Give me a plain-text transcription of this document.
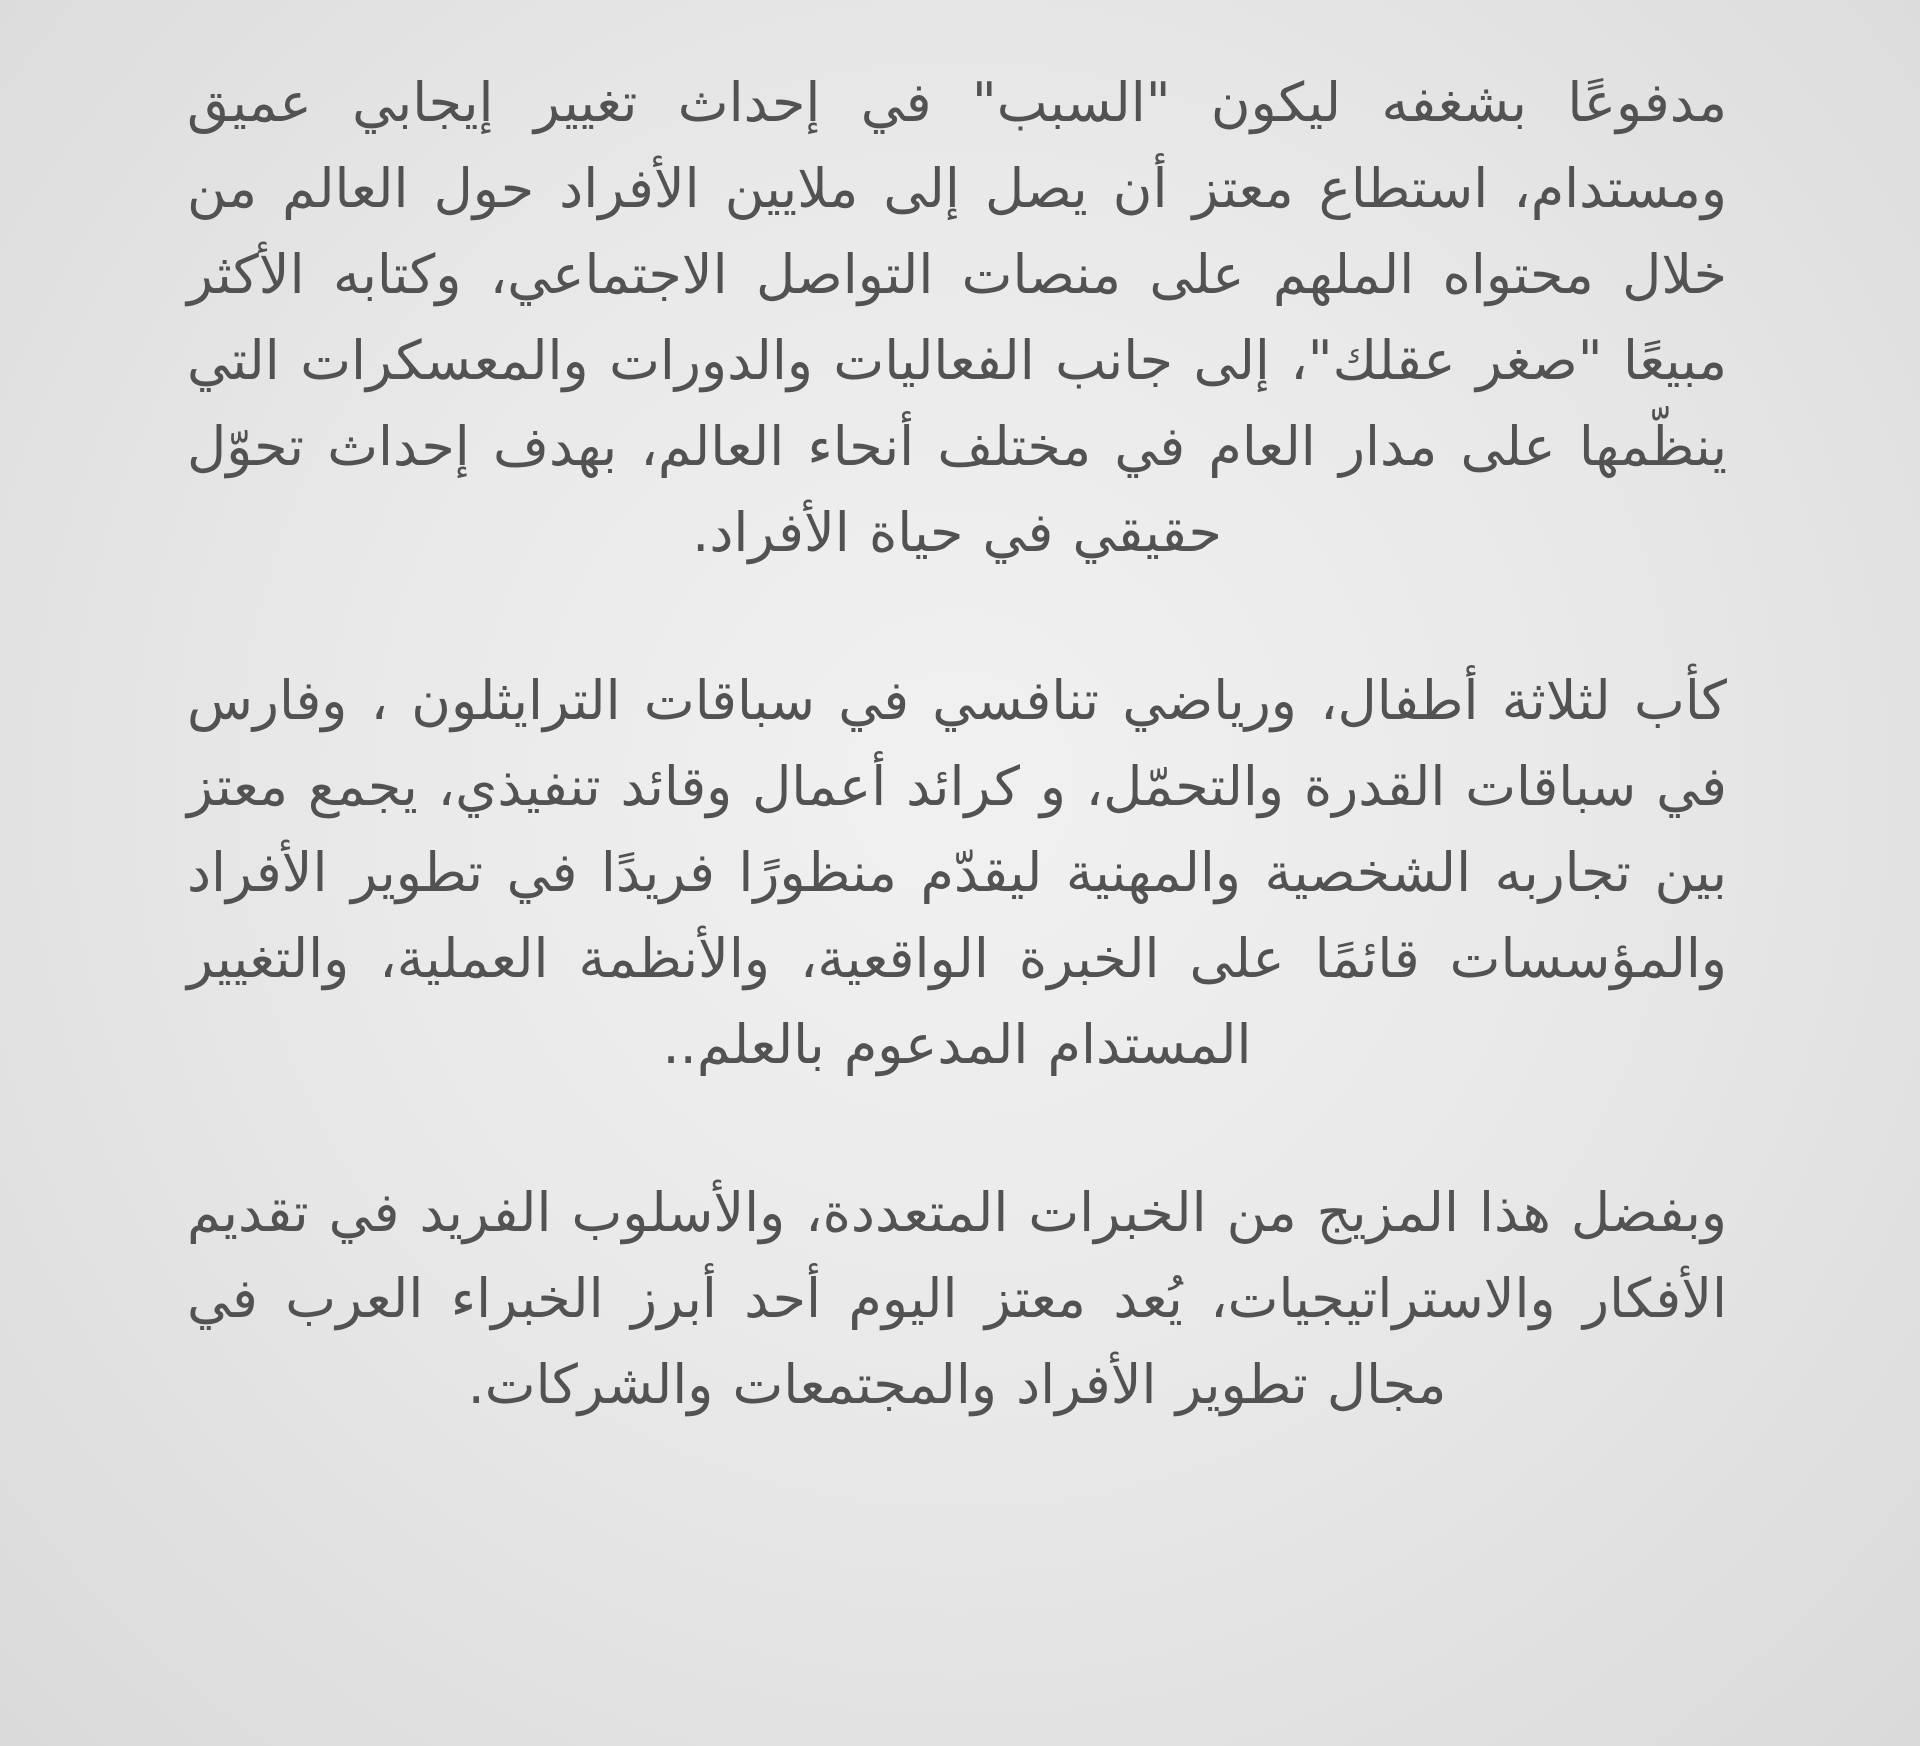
مدفوعًا بشغفه ليكون "السبب" في إحداث تغيير إيجابي عميق ومستدام، استطاع معتز أن يصل إلى ملايين الأفراد حول العالم من خلال محتواه الملهم على منصات التواصل الاجتماعي، وكتابه الأكثر مبيعًا "صغر عقلك"، إلى جانب الفعاليات والدورات والمعسكرات التي ينظّمها على مدار العام في مختلف أنحاء العالم، بهدف إحداث تحوّل حقيقي في حياة الأفراد.

كأب لثلاثة أطفال، ورياضي تنافسي في سباقات الترايثلون ، وفارس في سباقات القدرة والتحمّل، و كرائد أعمال وقائد تنفيذي، يجمع معتز بين تجاربه الشخصية والمهنية ليقدّم منظورًا فريدًا في تطوير الأفراد والمؤسسات قائمًا على الخبرة الواقعية، والأنظمة العملية، والتغيير المستدام المدعوم بالعلم..

وبفضل هذا المزيج من الخبرات المتعددة، والأسلوب الفريد في تقديم الأفكار والاستراتيجيات، يُعد معتز اليوم أحد أبرز الخبراء العرب في مجال تطوير الأفراد والمجتمعات والشركات.
